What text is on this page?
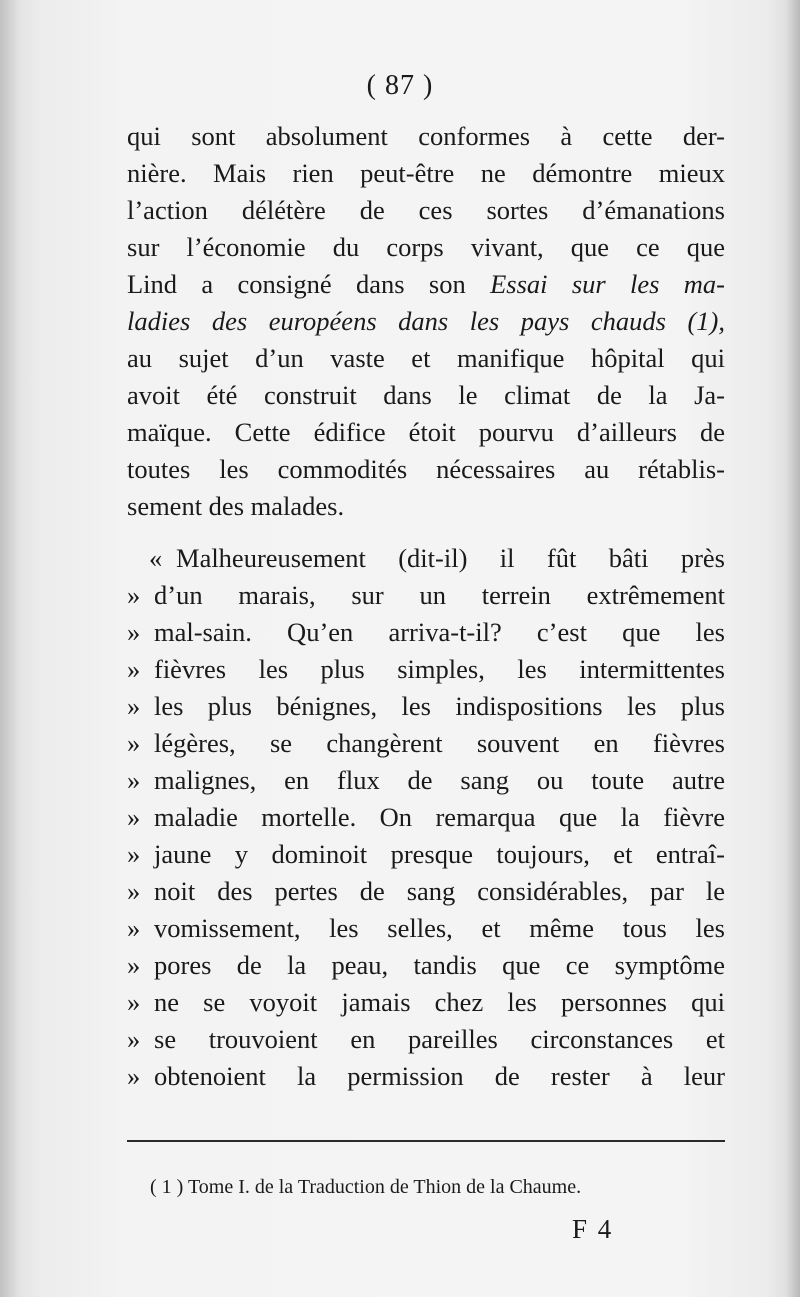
( 87 )
qui sont absolument conformes à cette der-
nière. Mais rien peut-être ne démontre mieux
l’action délétère de ces sortes d’émanations
sur l’économie du corps vivant, que ce que
Lind a consigné dans son Essai sur les ma-
ladies des européens dans les pays chauds (1),
au sujet d’un vaste et manifique hôpital qui
avoit été construit dans le climat de la Ja-
maïque. Cette édifice étoit pourvu d’ailleurs de
toutes les commodités nécessaires au rétablis-
sement des malades.
« Malheureusement (dit-il) il fût bâti près
» d’un marais, sur un terrein extrêmement
» mal-sain. Qu’en arriva-t-il? c’est que les
» fièvres les plus simples, les intermittentes
» les plus bénignes, les indispositions les plus
» légères, se changèrent souvent en fièvres
» malignes, en flux de sang ou toute autre
» maladie mortelle. On remarqua que la fièvre
» jaune y dominoit presque toujours, et entraî-
» noit des pertes de sang considérables, par le
» vomissement, les selles, et même tous les
» pores de la peau, tandis que ce symptôme
» ne se voyoit jamais chez les personnes qui
» se trouvoient en pareilles circonstances et
» obtenoient la permission de rester à leur
( 1 ) Tome I. de la Traduction de Thion de la Chaume.
F 4
